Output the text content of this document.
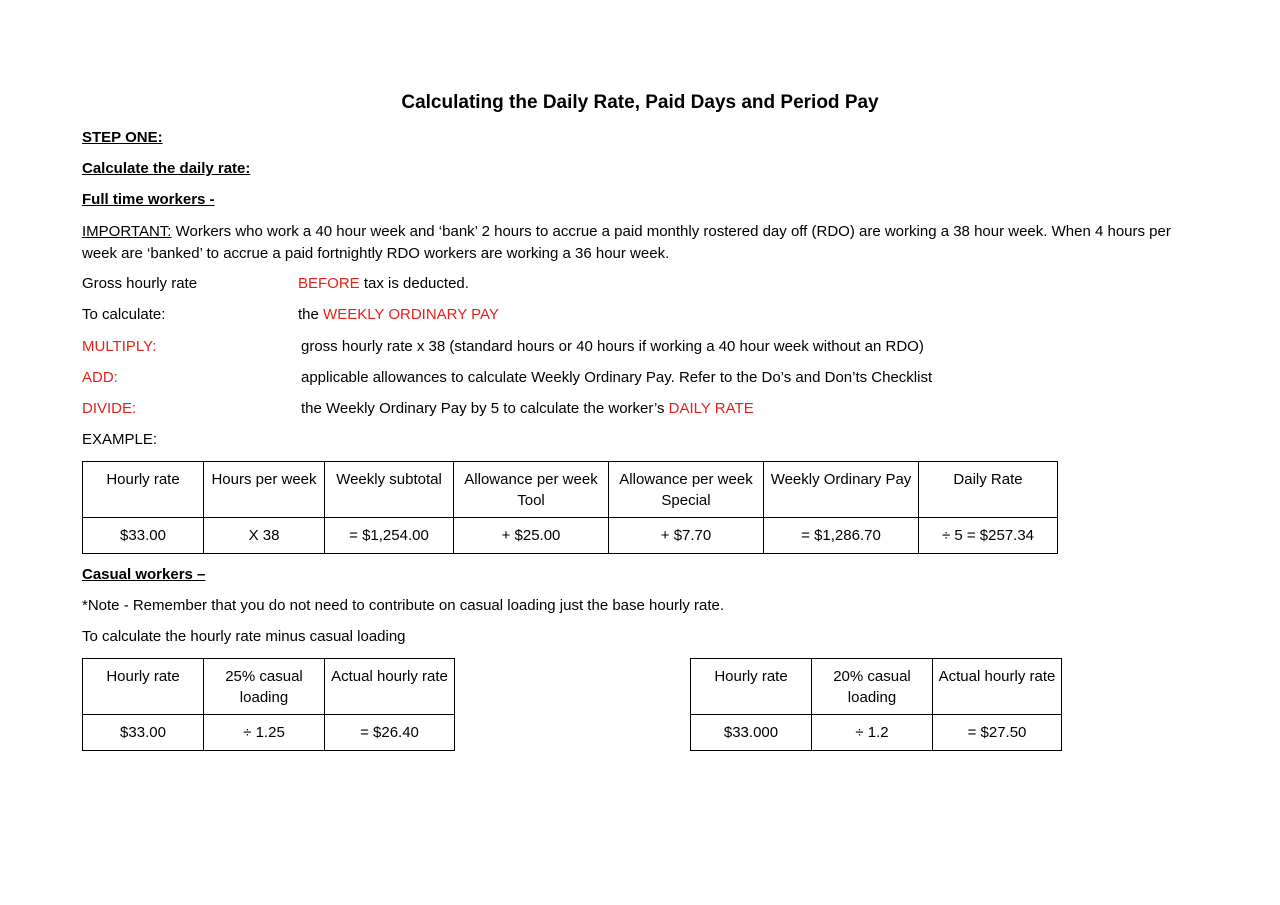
Calculating the Daily Rate, Paid Days and Period Pay
STEP ONE:
Calculate the daily rate:
Full time workers -
IMPORTANT: Workers who work a 40 hour week and ‘bank’ 2 hours to accrue a paid monthly rostered day off (RDO) are working a 38 hour week. When 4 hours per week are ‘banked’ to accrue a paid fortnightly RDO workers are working a 36 hour week.
Gross hourly rate	BEFORE tax is deducted.
To calculate:	the WEEKLY ORDINARY PAY
MULTIPLY:	gross hourly rate x 38 (standard hours or 40 hours if working a 40 hour week without an RDO)
ADD:	applicable allowances to calculate Weekly Ordinary Pay. Refer to the Do’s and Don’ts Checklist
DIVIDE:	the Weekly Ordinary Pay by 5 to calculate the worker’s DAILY RATE
EXAMPLE:
Hourly rate	Hours per week	Weekly subtotal	Allowance per week Tool	Allowance per week Special	Weekly Ordinary Pay	Daily Rate
$33.00	X 38	= $1,254.00	+ $25.00	+ $7.70	= $1,286.70	÷ 5 = $257.34
Casual workers –
*Note - Remember that you do not need to contribute on casual loading just the base hourly rate.
To calculate the hourly rate minus casual loading
Hourly rate	25% casual loading	Actual hourly rate
$33.00	÷ 1.25	= $26.40
Hourly rate	20% casual loading	Actual hourly rate
$33.000	÷ 1.2	= $27.50
